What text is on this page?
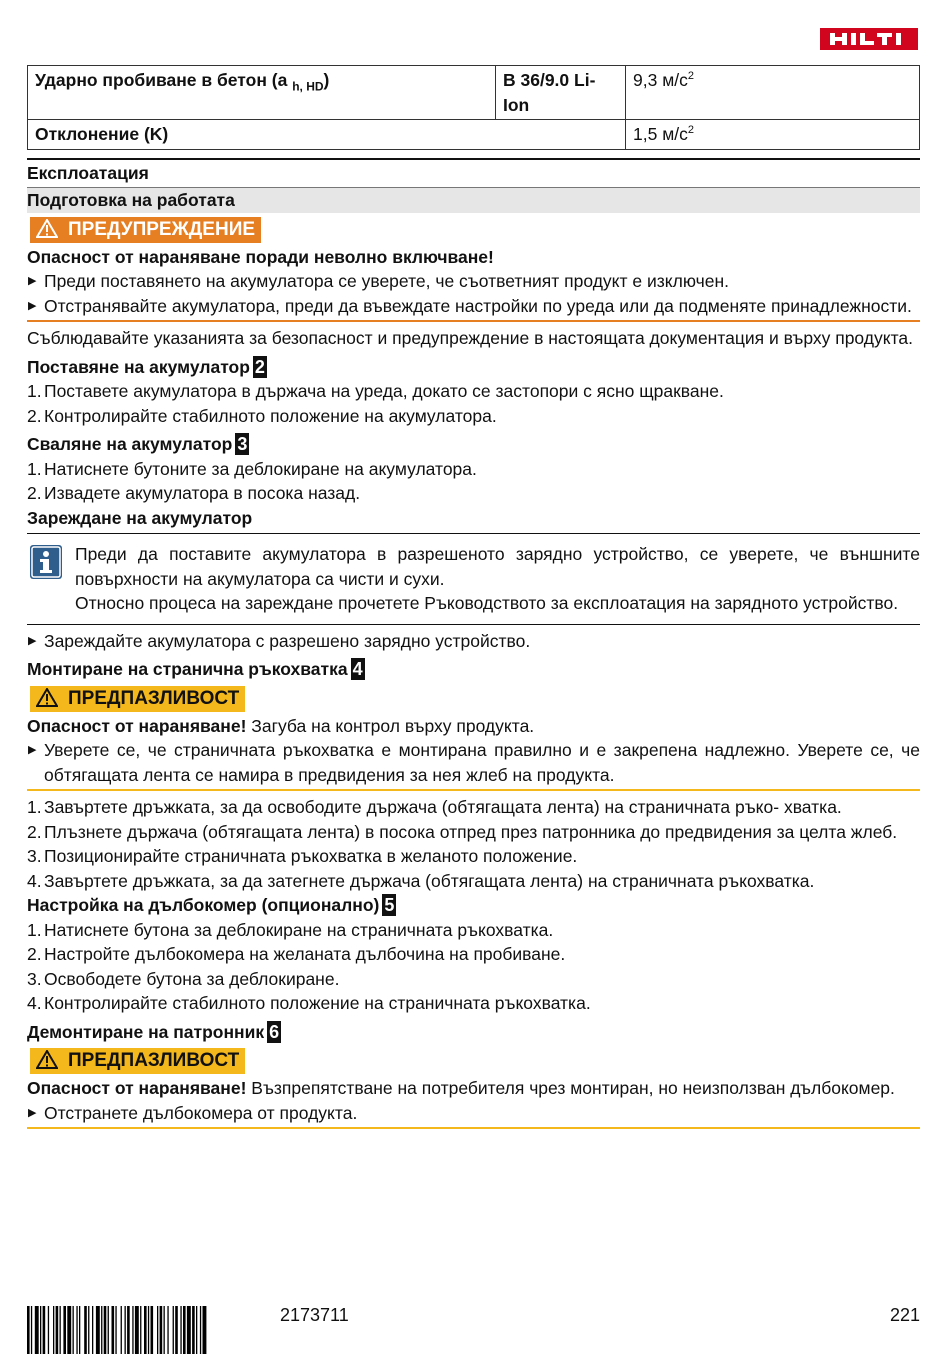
Ударно пробиване в бетон (a $_{h, HD}$)	B 36/9.0 Li-Ion	9,3 $м/с^2$
Отклонение (K)		1,5 $м/с^2$

Експлоатация

Подготовка на работата

ПРЕДУПРЕЖДЕНИЕ

Опасност от нараняване поради неволно включване!

▶ Преди поставянето на акумулатора се уверете, че съответният продукт е изключен.
▶ Отстранявайте акумулатора, преди да въвеждате настройки по уреда или да подменяте принадлежности.

Съблюдавайте указанията за безопасност и предупреждение в настоящата документация и върху продукта.

Поставяне на акумулатор 2

1. Поставете акумулатора в държача на уреда, докато се застопори с ясно щракване.
2. Контролирайте стабилното положение на акумулатора.

Сваляне на акумулатор 3

1. Натиснете бутоните за деблокиране на акумулатора.
2. Извадете акумулатора в посока назад.

Зареждане на акумулатор

Преди да поставите акумулатора в разрешеното зарядно устройство, се уверете, че външните повърхности на акумулатора са чисти и сухи.

Относно процеса на зареждане прочетете Ръководството за експлоатация на зарядното устройство.

▶ Зареждайте акумулатора с разрешено зарядно устройство.

Монтиране на странична ръкохватка 4

ПРЕДПАЗЛИВОСТ

Опасност от нараняване! Загуба на контрол върху продукта.

▶ Уверете се, че страничната ръкохватка е монтирана правилно и е закрепена надлежно. Уверете се, че обтягащата лента се намира в предвидения за нея жлеб на продукта.
1. Завъртете дръжката, за да освободите държача (обтягащата лента) на страничната ръко- хватка.
2. Плъзнете държача (обтягащата лента) в посока отпред през патронника до предвидения за целта жлеб.
3. Позиционирайте страничната ръкохватка в желаното положение.
4. Завъртете дръжката, за да затегнете държача (обтягащата лента) на страничната ръкохватка.

Настройка на дълбокомер (опционално) 5

1. Натиснете бутона за деблокиране на страничната ръкохватка.
2. Настройте дълбокомера на желаната дълбочина на пробиване.
3. Освободете бутона за деблокиране.
4. Контролирайте стабилното положение на страничната ръкохватка.

Демонтиране на патронник 6

ПРЕДПАЗЛИВОСТ

Опасност от нараняване! Възпрепятстване на потребителя чрез монтиран, но неизползван дълбокомер.

▶ Отстранете дълбокомера от продукта.
2173711	221
